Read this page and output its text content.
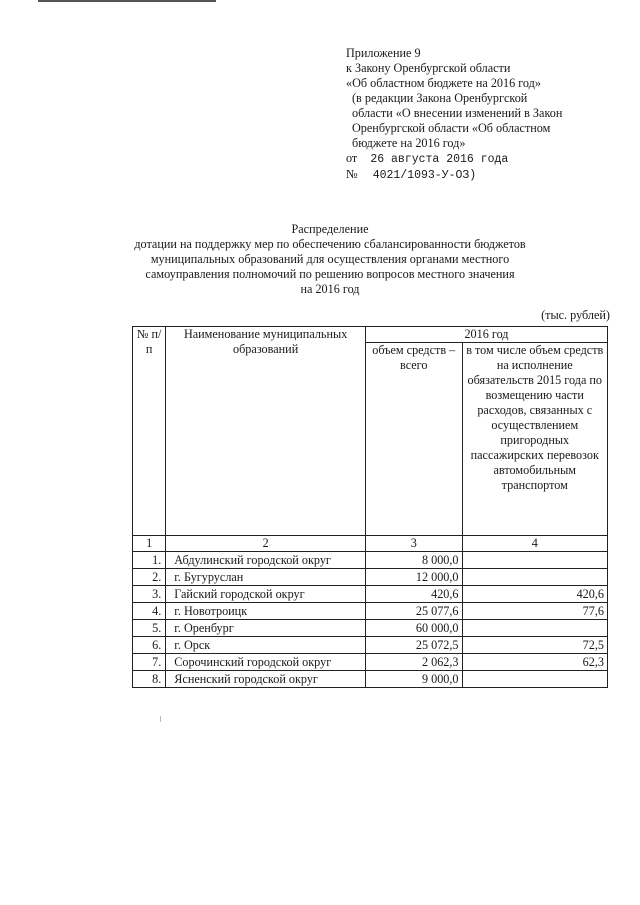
Приложение 9
к Закону Оренбургской области
«Об областном бюджете на 2016 год»
(в редакции Закона Оренбургской
области «О внесении изменений в Закон
Оренбургской области «Об областном
бюджете на 2016 год»
от 26 августа 2016 года
№ 4021/1093-У-ОЗ)
Распределение
дотации на поддержку мер по обеспечению сбалансированности бюджетов
муниципальных образований для осуществления органами местного
самоуправления полномочий по решению вопросов местного значения
на 2016 год
(тыс. рублей)
№ п/п	Наименование муниципальных образований	2016 год	
		объем средств – всего	в том числе объем средств на исполнение обязательств 2015 года по возмещению части расходов, связанных с осуществлением пригородных пассажирских перевозок автомобильным транспортом
1	2	3	4
1.	Абдулинский городской округ	8 000,0	
2.	г. Бугуруслан	12 000,0	
3.	Гайский городской округ	420,6	420,6
4.	г. Новотроицк	25 077,6	77,6
5.	г. Оренбург	60 000,0	
6.	г. Орск	25 072,5	72,5
7.	Сорочинский городской округ	2 062,3	62,3
8.	Ясненский городской округ	9 000,0	
